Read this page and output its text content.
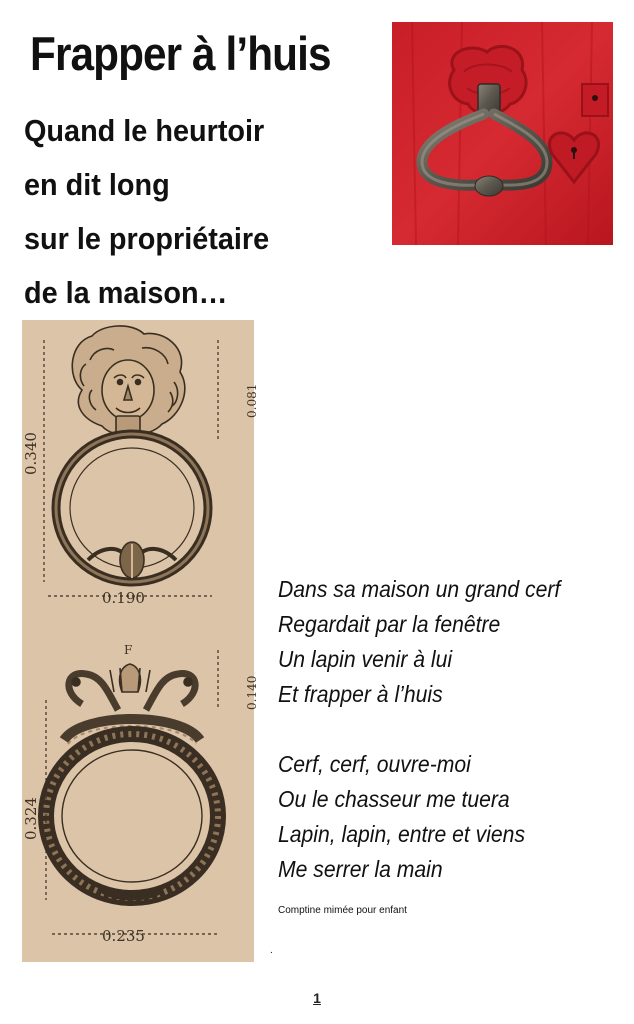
Frapper à l’huis
Quand le heurtoir
en dit long
sur le propriétaire
de la maison…
0.340
0.081
0.190
F
0.140
0.324
0.235
Dans sa maison un grand cerf
Regardait par la fenêtre
Un lapin venir à lui
Et frapper à l’huis
Cerf, cerf, ouvre-moi
Ou le chasseur me tuera
Lapin, lapin, entre et viens
Me serrer la main
Comptine mimée pour enfant
.
1
